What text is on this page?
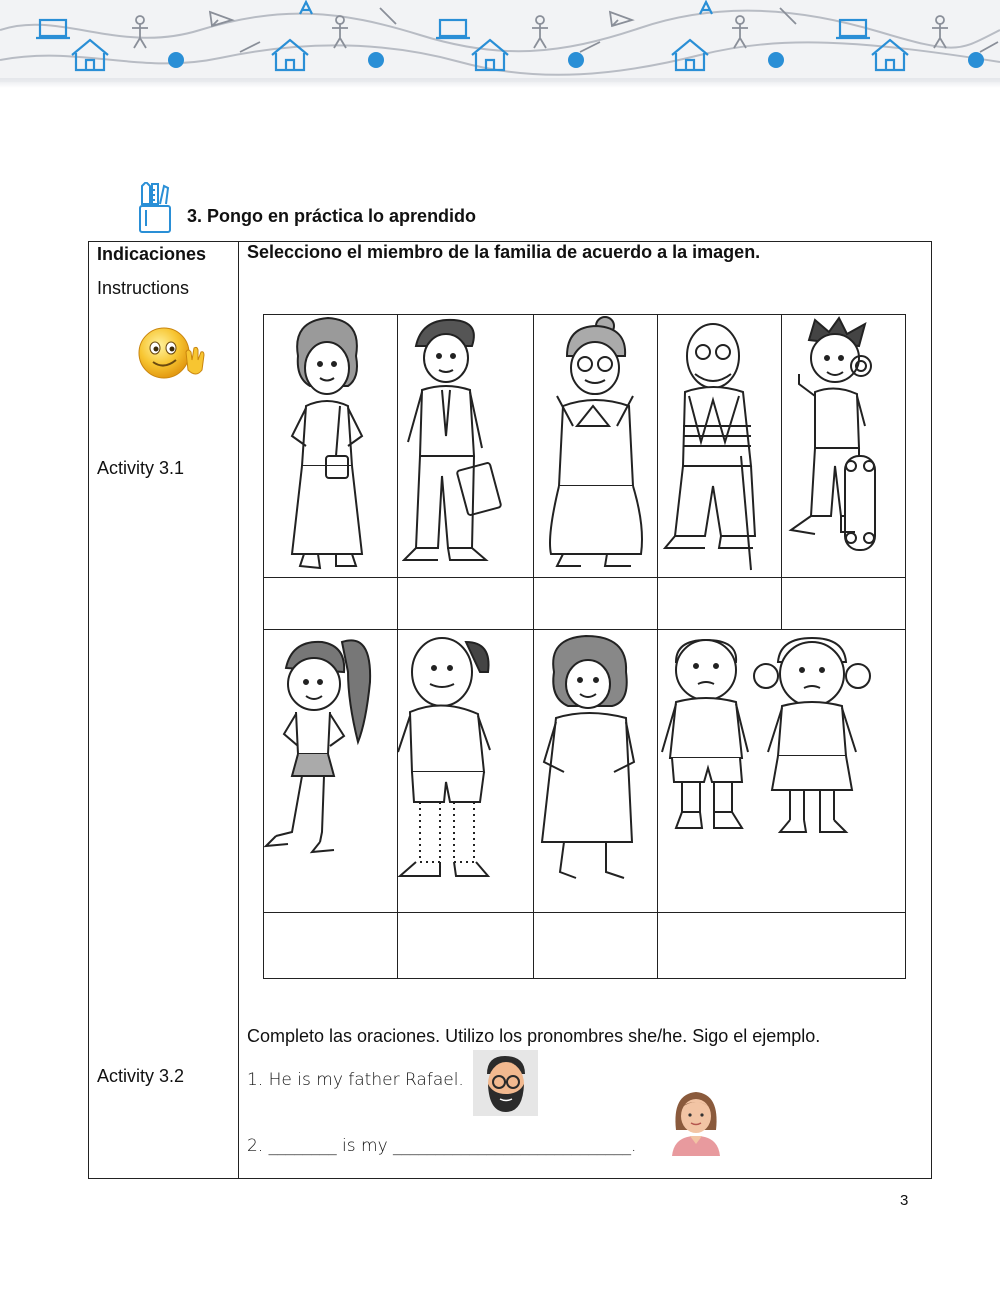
3. Pongo en práctica lo aprendido
Indicaciones
Instructions
Activity 3.1
Activity 3.2
Selecciono el miembro de la familia de acuerdo a la imagen.
Completo las oraciones. Utilizo los pronombres she/he. Sigo el ejemplo.
1. He is my father Rafael.
2. ________ is my ____________________________.
3
